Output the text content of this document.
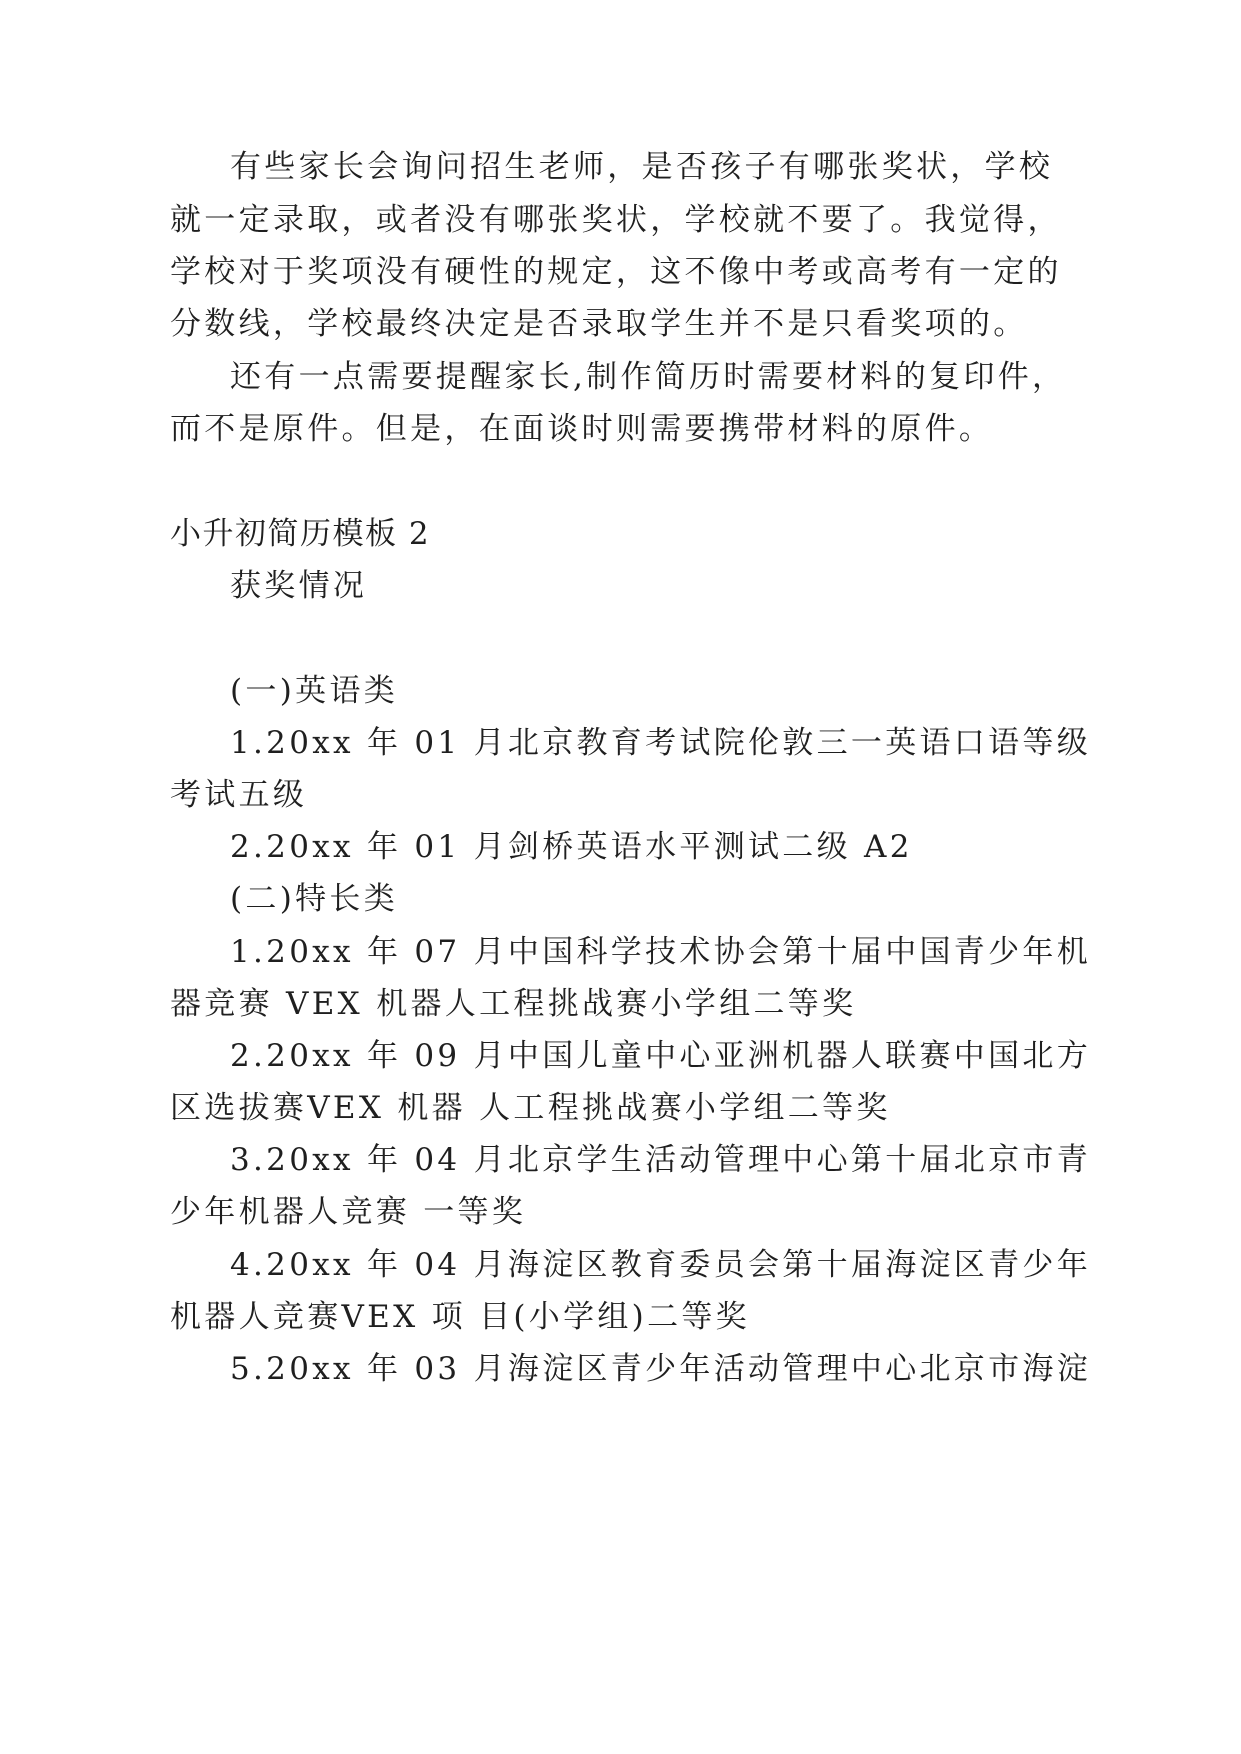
有些家长会询问招生老师，是否孩子有哪张奖状，学校
就一定录取，或者没有哪张奖状，学校就不要了。我觉得，
学校对于奖项没有硬性的规定，这不像中考或高考有一定的
分数线，学校最终决定是否录取学生并不是只看奖项的。
还有一点需要提醒家长,制作简历时需要材料的复印件，
而不是原件。但是，在面谈时则需要携带材料的原件。
小升初简历模板 2
获奖情况
(一)英语类
1.20xx 年 01 月北京教育考试院伦敦三一英语口语等级
考试五级
2.20xx 年 01 月剑桥英语水平测试二级 A2
(二)特长类
1.20xx 年 07 月中国科学技术协会第十届中国青少年机
器竞赛 VEX 机器人工程挑战赛小学组二等奖
2.20xx 年 09 月中国儿童中心亚洲机器人联赛中国北方
区选拔赛VEX 机器 人工程挑战赛小学组二等奖
3.20xx 年 04 月北京学生活动管理中心第十届北京市青
少年机器人竞赛 一等奖
4.20xx 年 04 月海淀区教育委员会第十届海淀区青少年
机器人竞赛VEX 项 目(小学组)二等奖
5.20xx 年 03 月海淀区青少年活动管理中心北京市海淀
